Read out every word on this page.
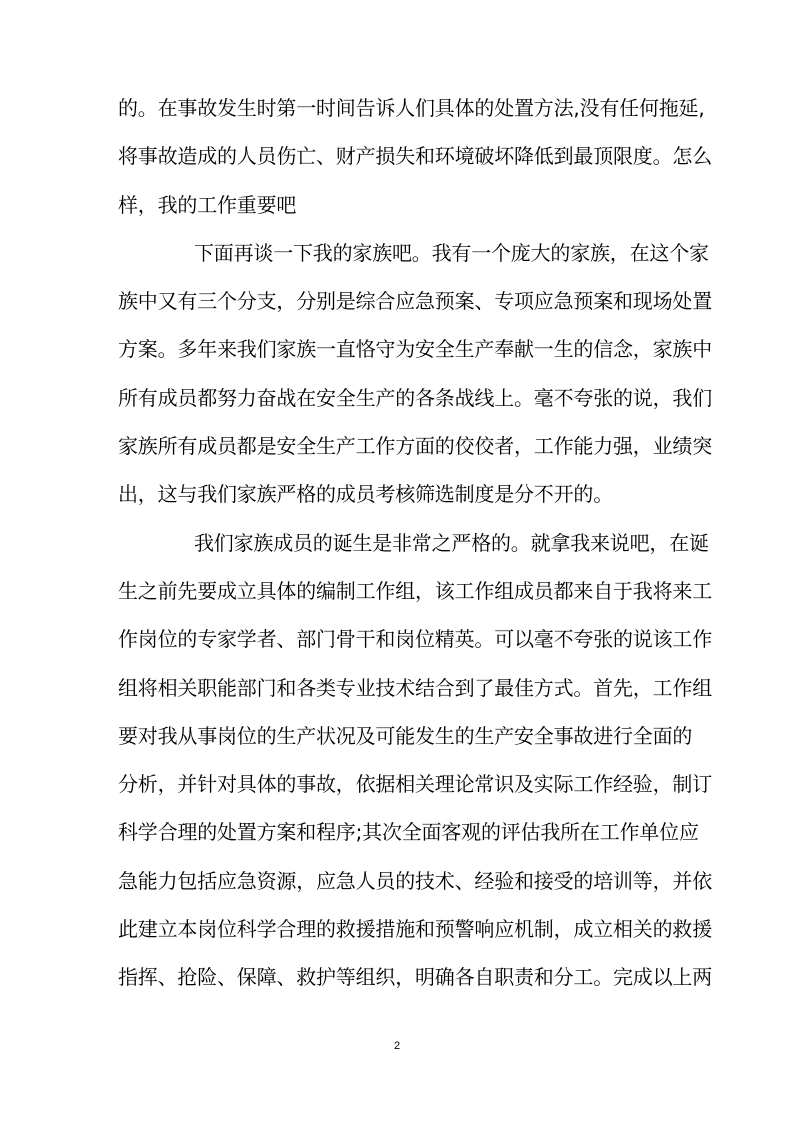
的。在事故发生时第一时间告诉人们具体的处置方法,没有任何拖延,
将事故造成的人员伤亡、财产损失和环境破坏降低到最顶限度。怎么
样，我的工作重要吧
下面再谈一下我的家族吧。我有一个庞大的家族，在这个家
族中又有三个分支，分别是综合应急预案、专项应急预案和现场处置
方案。多年来我们家族一直恪守为安全生产奉献一生的信念，家族中
所有成员都努力奋战在安全生产的各条战线上。毫不夸张的说，我们
家族所有成员都是安全生产工作方面的佼佼者，工作能力强，业绩突
出，这与我们家族严格的成员考核筛选制度是分不开的。
我们家族成员的诞生是非常之严格的。就拿我来说吧，在诞
生之前先要成立具体的编制工作组，该工作组成员都来自于我将来工
作岗位的专家学者、部门骨干和岗位精英。可以毫不夸张的说该工作
组将相关职能部门和各类专业技术结合到了最佳方式。首先，工作组
要对我从事岗位的生产状况及可能发生的生产安全事故进行全面的
分析，并针对具体的事故，依据相关理论常识及实际工作经验，制订
科学合理的处置方案和程序;其次全面客观的评估我所在工作单位应
急能力包括应急资源，应急人员的技术、经验和接受的培训等，并依
此建立本岗位科学合理的救援措施和预警响应机制，成立相关的救援
指挥、抢险、保障、救护等组织，明确各自职责和分工。完成以上两
2
